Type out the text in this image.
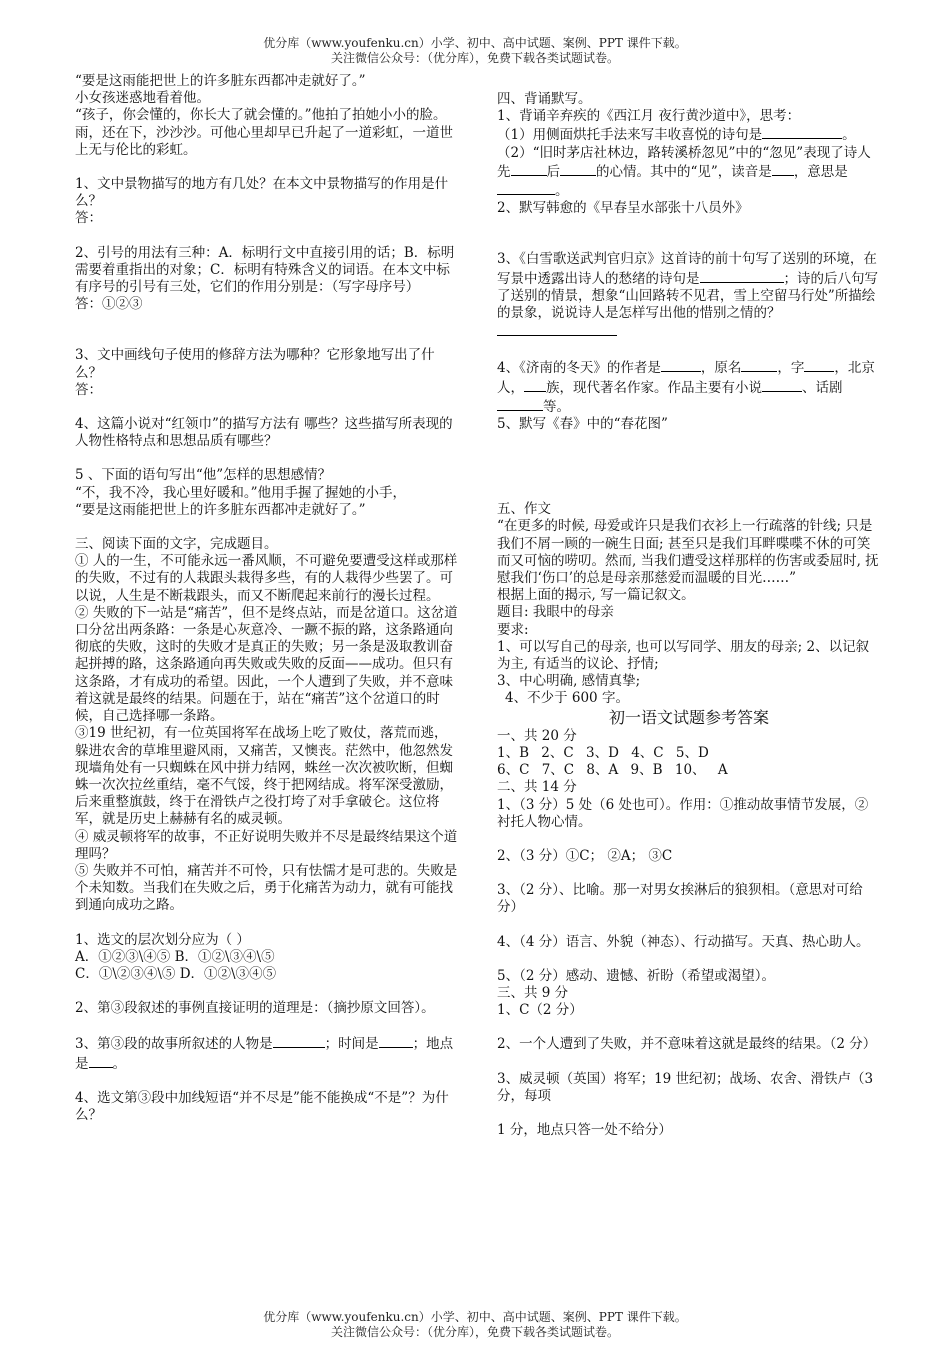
优分库（www.youfenku.cn）小学、初中、高中试题、案例、PPT 课件下载。
关注微信公众号：（优分库），免费下载各类试题试卷。

“要是这雨能把世上的许多脏东西都冲走就好了。”

小女孩迷惑地看着他。

“孩子，你会懂的，你长大了就会懂的。”他拍了拍她小小的脸。

雨，还在下，沙沙沙。可他心里却早已升起了一道彩虹，一道世上无与伦比的彩虹。

1、文中景物描写的地方有几处？在本文中景物描写的作用是什么？

答：

2、引号的用法有三种：A．标明行文中直接引用的话；B．标明需要着重指出的对象；C．标明有特殊含义的词语。在本文中标有序号的引号有三处，它们的作用分别是：（写字母序号）

答：①②③

3、文中画线句子使用的修辞方法为哪种？它形象地写出了什么？

答：

4、这篇小说对“红领巾”的描写方法有 哪些？这些描写所表现的人物性格特点和思想品质有哪些？

5 、下面的语句写出“他”怎样的思想感情？

“不，我不冷，我心里好暖和。”他用手握了握她的小手，

“要是这雨能把世上的许多脏东西都冲走就好了。”

三、阅读下面的文字，完成题目。

① 人的一生，不可能永远一番风顺，不可避免要遭受这样或那样的失败，不过有的人栽跟头栽得多些，有的人栽得少些罢了。可以说，人生是不断栽跟头，而又不断爬起来前行的漫长过程。

② 失败的下一站是“痛苦”，但不是终点站，而是岔道口。这岔道口分岔出两条路：一条是心灰意冷、一蹶不振的路，这条路通向彻底的失败，这时的失败才是真正的失败；另一条是汲取教训奋起拼搏的路，这条路通向再失败或失败的反面——成功。但只有这条路，才有成功的希望。因此，一个人遭到了失败，并不意味着这就是最终的结果。问题在于，站在“痛苦”这个岔道口的时候，自己选择哪一条路。

③19 世纪初，有一位英国将军在战场上吃了败仗，落荒而逃，躲进农舍的草堆里避风雨，又痛苦，又懊丧。茫然中，他忽然发现墙角处有一只蜘蛛在风中拼力结网，蛛丝一次次被吹断，但蜘蛛一次次拉丝重结，毫不气馁，终于把网结成。将军深受激励，后来重整旗鼓，终于在滑铁卢之役打垮了对手拿破仑。这位将军，就是历史上赫赫有名的威灵顿。

④ 威灵顿将军的故事，不正好说明失败并不尽是最终结果这个道理吗？

⑤ 失败并不可怕，痛苦并不可怜，只有怯懦才是可悲的。失败是个未知数。当我们在失败之后，勇于化痛苦为动力，就有可能找到通向成功之路。

1、选文的层次划分应为（ ）

A．①②③\④⑤ B．①②\③④\⑤

C．①\②③④\⑤ D．①②\③④⑤

2、第③段叙述的事例直接证明的道理是：（摘抄原文回答）。

3、第③段的故事所叙述的人物是	；时间是	；地点是 。

4、选文第③段中加线短语“并不尽是”能不能换成“不是”？为什么？

四、背诵默写。

1、背诵辛弃疾的《西江月 夜行黄沙道中》，思考：

（1）用侧面烘托手法来写丰收喜悦的诗句是	。

（2）“旧时茅店社林边，路转溪桥忽见”中的“忽见”表现了诗人先	后	的心情。其中的“见”，读音是 ，意思是。

2、默写韩愈的《早春呈水部张十八员外》

3、《白雪歌送武判官归京》这首诗的前十句写了送别的环境，在写景中透露出诗人的愁绪的诗句是	；诗的后八句写了送别的情景，想象“山回路转不见君，雪上空留马行处”所描绘的景象，说说诗人是怎样写出他的惜别之情的？

4、《济南的冬天》的作者是	，原名	，字 ，北京人， 族，现代著名作家。作品主要有小说	、话剧等。

5、默写《春》中的“春花图”

五、作文

“在更多的时候, 母爱或许只是我们衣衫上一行疏落的针线; 只是我们不屑一顾的一碗生日面; 甚至只是我们耳畔喋喋不休的可笑而又可恼的唠叨。然而, 当我们遭受这样那样的伤害或委屈时, 抚慰我们‘伤口’的总是母亲那慈爱而温暖的目光……”

根据上面的揭示, 写一篇记叙文。

题目: 我眼中的母亲

要求:

1、可以写自己的母亲, 也可以写同学、朋友的母亲; 2、以记叙为主, 有适当的议论、抒情;

3、中心明确, 感情真挚;

4、不少于 600 字。

初一语文试题参考答案

一、共 20 分

1、B 2、C 3、D 4、C 5、D

6、C 7、C 8、A 9、B 10、 A

二、共 14 分

1、（3 分）5 处（6 处也可）。作用：①推动故事情节发展，②衬托人物心情。

2、（3 分）①C； ②A； ③C

3、（2 分）、比喻。那一对男女挨淋后的狼狈相。（意思对可给分）

4、（4 分）语言、外貌（神态）、行动描写。天真、热心助人。

5、（2 分）感动、遗憾、祈盼（希望或渴望）。

三、共 9 分

1、C（2 分）

2、一个人遭到了失败，并不意味着这就是最终的结果。（2 分）

3、威灵顿（英国）将军；19 世纪初；战场、农舍、滑铁卢（3 分，每项

1 分，地点只答一处不给分）

优分库（www.youfenku.cn）小学、初中、高中试题、案例、PPT 课件下载。
关注微信公众号：（优分库），免费下载各类试题试卷。
